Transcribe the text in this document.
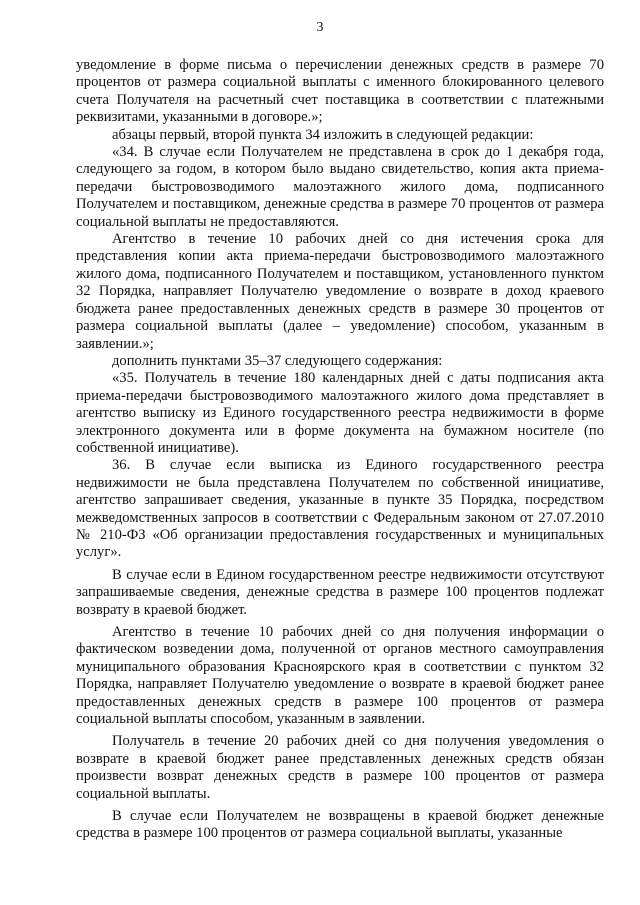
3

уведомление в форме письма о перечислении денежных средств в размере 70 процентов от размера социальной выплаты с именного блокированного целевого счета Получателя на расчетный счет поставщика в соответствии с платежными реквизитами, указанными в договоре.»;

абзацы первый, второй пункта 34 изложить в следующей редакции:

«34. В случае если Получателем не представлена в срок до 1 декабря года, следующего за годом, в котором было выдано свидетельство, копия акта приема-передачи быстровозводимого малоэтажного жилого дома, подписанного Получателем и поставщиком, денежные средства в размере 70 процентов от размера социальной выплаты не предоставляются.

Агентство в течение 10 рабочих дней со дня истечения срока для представления копии акта приема-передачи быстровозводимого малоэтажного жилого дома, подписанного Получателем и поставщиком, установленного пунктом 32 Порядка, направляет Получателю уведомление о возврате в доход краевого бюджета ранее предоставленных денежных средств в размере 30 процентов от размера социальной выплаты (далее – уведомление) способом, указанным в заявлении.»;

дополнить пунктами 35–37 следующего содержания:

«35. Получатель в течение 180 календарных дней с даты подписания акта приема-передачи быстровозводимого малоэтажного жилого дома представляет в агентство выписку из Единого государственного реестра недвижимости в форме электронного документа или в форме документа на бумажном носителе (по собственной инициативе).

36. В случае если выписка из Единого государственного реестра недвижимости не была представлена Получателем по собственной инициативе, агентство запрашивает сведения, указанные в пункте 35 Порядка, посредством межведомственных запросов в соответствии с Федеральным законом от 27.07.2010 № 210-ФЗ «Об организации предоставления государственных и муниципальных услуг».

В случае если в Едином государственном реестре недвижимости отсутствуют запрашиваемые сведения, денежные средства в размере 100 процентов подлежат возврату в краевой бюджет.

Агентство в течение 10 рабочих дней со дня получения информации о фактическом возведении дома, полученной от органов местного самоуправления муниципального образования Красноярского края в соответствии с пунктом 32 Порядка, направляет Получателю уведомление о возврате в краевой бюджет ранее предоставленных денежных средств в размере 100 процентов от размера социальной выплаты способом, указанным в заявлении.

Получатель в течение 20 рабочих дней со дня получения уведомления о возврате в краевой бюджет ранее представленных денежных средств обязан произвести возврат денежных средств в размере 100 процентов от размера социальной выплаты.

В случае если Получателем не возвращены в краевой бюджет денежные средства в размере 100 процентов от размера социальной выплаты, указанные
